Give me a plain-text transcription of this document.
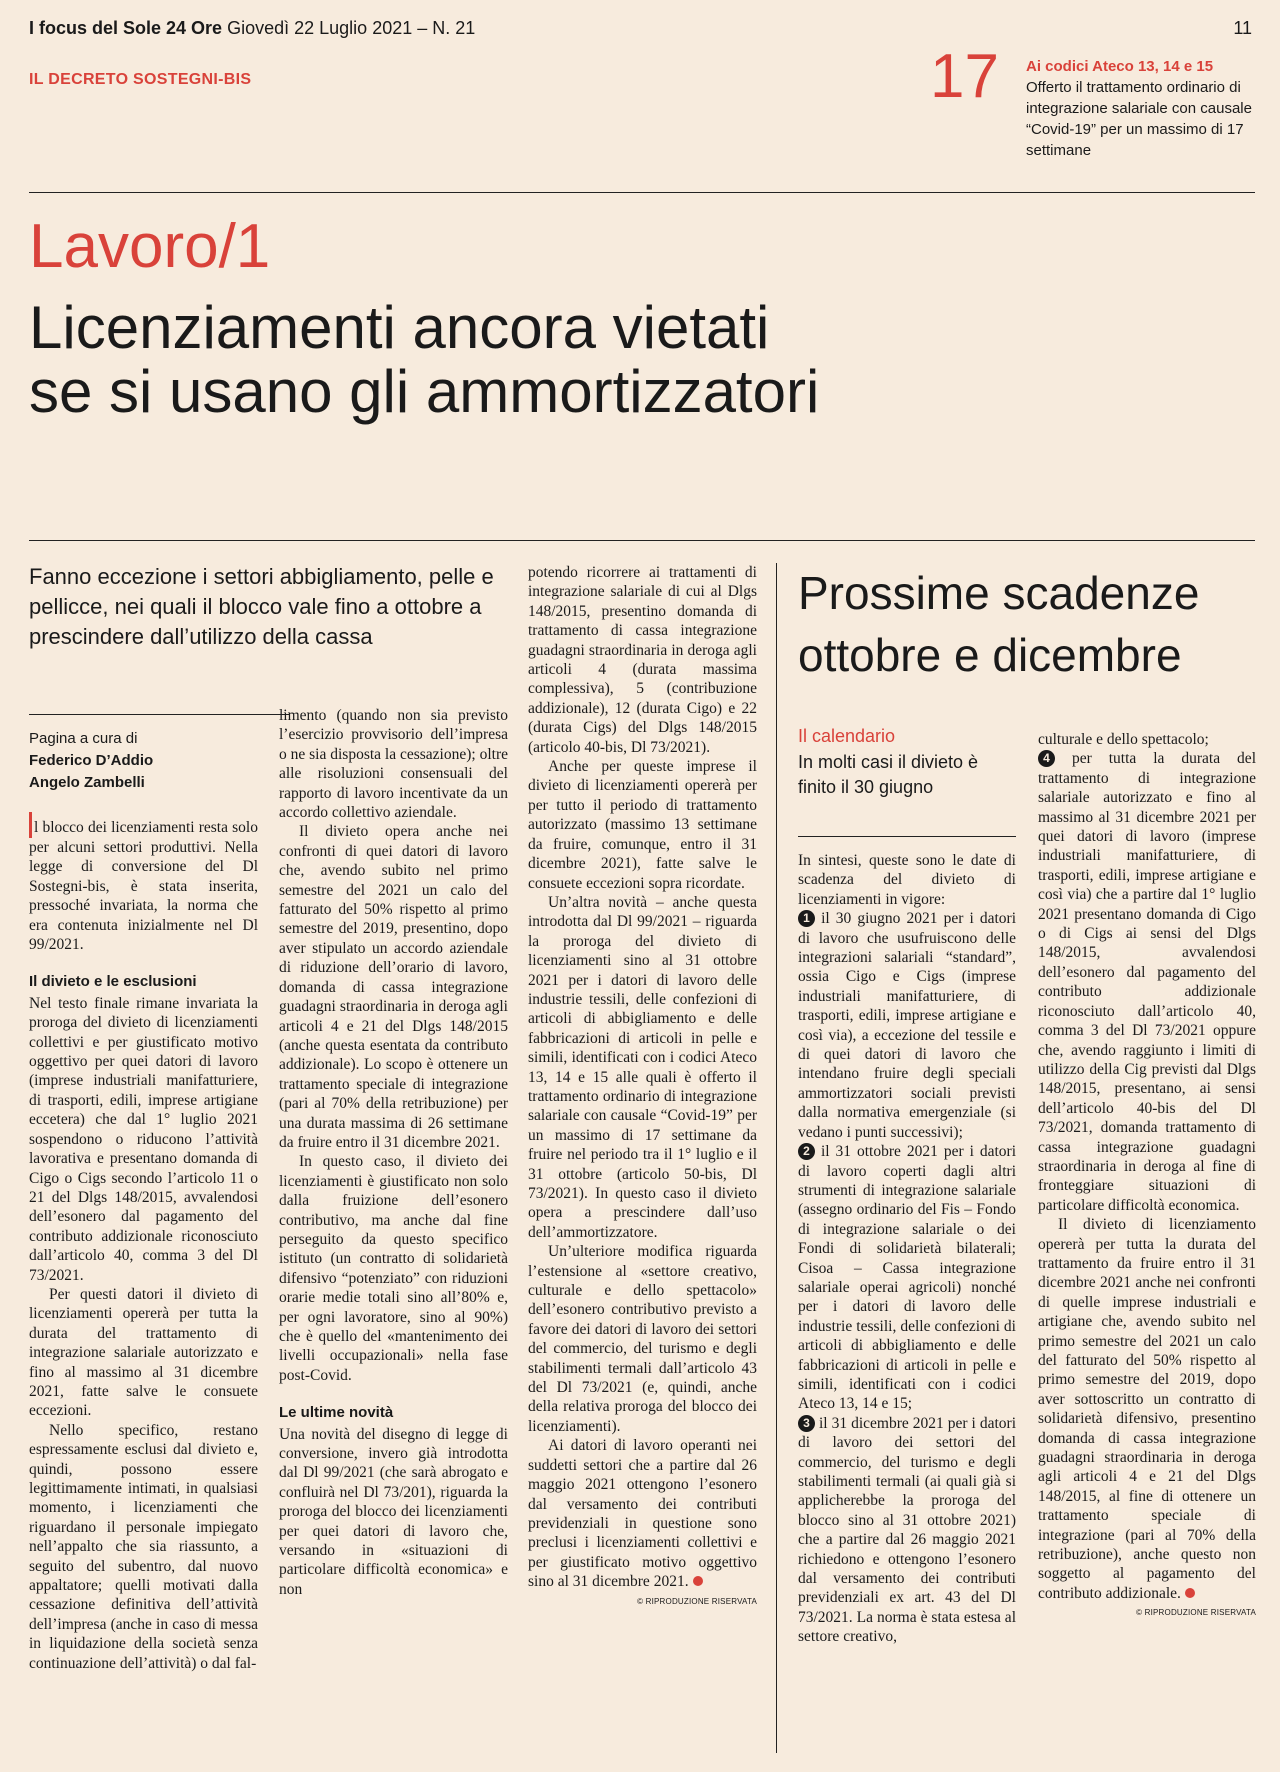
I focus del Sole 24 Ore Giovedì 22 Luglio 2021 – N. 21	11
IL DECRETO SOSTEGNI-BIS	17 Ai codici Ateco 13, 14 e 15
Offerto il trattamento ordinario di integrazione salariale con causale “Covid-19” per un massimo di 17 settimane
Lavoro/1
Licenziamenti ancora vietati
se si usano gli ammortizzatori
Fanno eccezione i settori abbigliamento, pelle e pellicce, nei quali il blocco vale fino a ottobre a prescindere dall’utilizzo della cassa
Pagina a cura di
Federico D’Addio
Angelo Zambelli

l blocco dei licenziamenti resta solo per alcuni settori produttivi. Nella legge di conversione del Dl Sostegni-bis, è stata inserita, pressoché invariata, la norma che era contenuta inizialmente nel Dl 99/2021.

Il divieto e le esclusioni

Nel testo finale rimane invariata la proroga del divieto di licenziamenti collettivi e per giustificato motivo oggettivo per quei datori di lavoro (imprese industriali manifatturiere, di trasporti, edili, imprese artigiane eccetera) che dal 1° luglio 2021 sospendono o riducono l’attività lavorativa e presentano domanda di Cigo o Cigs secondo l’articolo 11 o 21 del Dlgs 148/2015, avvalendosi dell’esonero dal pagamento del contributo addizionale riconosciuto dall’articolo 40, comma 3 del Dl 73/2021.

Per questi datori il divieto di licenziamenti opererà per tutta la durata del trattamento di integrazione salariale autorizzato e fino al massimo al 31 dicembre 2021, fatte salve le consuete eccezioni.

Nello specifico, restano espressamente esclusi dal divieto e, quindi, possono essere legittimamente intimati, in qualsiasi momento, i licenziamenti che riguardano il personale impiegato nell’appalto che sia riassunto, a seguito del subentro, dal nuovo appaltatore; quelli motivati dalla cessazione definitiva dell’attività dell’impresa (anche in caso di messa in liquidazione della società senza continuazione dell’attività) o dal fal-

limento (quando non sia previsto l’esercizio provvisorio dell’impresa o ne sia disposta la cessazione); oltre alle risoluzioni consensuali del rapporto di lavoro incentivate da un accordo collettivo aziendale.

Il divieto opera anche nei confronti di quei datori di lavoro che, avendo subito nel primo semestre del 2021 un calo del fatturato del 50% rispetto al primo semestre del 2019, presentino, dopo aver stipulato un accordo aziendale di riduzione dell’orario di lavoro, domanda di cassa integrazione guadagni straordinaria in deroga agli articoli 4 e 21 del Dlgs 148/2015 (anche questa esentata da contributo addizionale). Lo scopo è ottenere un trattamento speciale di integrazione (pari al 70% della retribuzione) per una durata massima di 26 settimane da fruire entro il 31 dicembre 2021.

In questo caso, il divieto dei licenziamenti è giustificato non solo dalla fruizione dell’esonero contributivo, ma anche dal fine perseguito da questo specifico istituto (un contratto di solidarietà difensivo “potenziato” con riduzioni orarie medie totali sino all’80% e, per ogni lavoratore, sino al 90%) che è quello del «mantenimento dei livelli occupazionali» nella fase post-Covid.

Le ultime novità

Una novità del disegno di legge di conversione, invero già introdotta dal Dl 99/2021 (che sarà abrogato e confluirà nel Dl 73/201), riguarda la proroga del blocco dei licenziamenti per quei datori di lavoro che, versando in «situazioni di particolare difficoltà economica» e non

potendo ricorrere ai trattamenti di integrazione salariale di cui al Dlgs 148/2015, presentino domanda di trattamento di cassa integrazione guadagni straordinaria in deroga agli articoli 4 (durata massima complessiva), 5 (contribuzione addizionale), 12 (durata Cigo) e 22 (durata Cigs) del Dlgs 148/2015 (articolo 40-bis, Dl 73/2021).

Anche per queste imprese il divieto di licenziamenti opererà per per tutto il periodo di trattamento autorizzato (massimo 13 settimane da fruire, comunque, entro il 31 dicembre 2021), fatte salve le consuete eccezioni sopra ricordate.

Un’altra novità – anche questa introdotta dal Dl 99/2021 – riguarda la proroga del divieto di licenziamenti sino al 31 ottobre 2021 per i datori di lavoro delle industrie tessili, delle confezioni di articoli di abbigliamento e delle fabbricazioni di articoli in pelle e simili, identificati con i codici Ateco 13, 14 e 15 alle quali è offerto il trattamento ordinario di integrazione salariale con causale “Covid-19” per un massimo di 17 settimane da fruire nel periodo tra il 1° luglio e il 31 ottobre (articolo 50-bis, Dl 73/2021). In questo caso il divieto opera a prescindere dall’uso dell’ammortizzatore.

Un’ulteriore modifica riguarda l’estensione al «settore creativo, culturale e dello spettacolo» dell’esonero contributivo previsto a favore dei datori di lavoro dei settori del commercio, del turismo e degli stabilimenti termali dall’articolo 43 del Dl 73/2021 (e, quindi, anche della relativa proroga del blocco dei licenziamenti).

Ai datori di lavoro operanti nei suddetti settori che a partire dal 26 maggio 2021 ottengono l’esonero dal versamento dei contributi previdenziali in questione sono preclusi i licenziamenti collettivi e per giustificato motivo oggettivo sino al 31 dicembre 2021.

© RIPRODUZIONE RISERVATA

Prossime scadenze
ottobre e dicembre
Il calendario
In molti casi il divieto è finito il 30 giugno

In sintesi, queste sono le date di scadenza del divieto di licenziamenti in vigore:

1 il 30 giugno 2021 per i datori di lavoro che usufruiscono delle integrazioni salariali “standard”, ossia Cigo e Cigs (imprese industriali manifatturiere, di trasporti, edili, imprese artigiane e così via), a eccezione del tessile e di quei datori di lavoro che intendano fruire degli speciali ammortizzatori sociali previsti dalla normativa emergenziale (si vedano i punti successivi);

2 il 31 ottobre 2021 per i datori di lavoro coperti dagli altri strumenti di integrazione salariale (assegno ordinario del Fis – Fondo di integrazione salariale o dei Fondi di solidarietà bilaterali; Cisoa – Cassa integrazione salariale operai agricoli) nonché per i datori di lavoro delle industrie tessili, delle confezioni di articoli di abbigliamento e delle fabbricazioni di articoli in pelle e simili, identificati con i codici Ateco 13, 14 e 15;

3 il 31 dicembre 2021 per i datori di lavoro dei settori del commercio, del turismo e degli stabilimenti termali (ai quali già si applicherebbe la proroga del blocco sino al 31 ottobre 2021) che a partire dal 26 maggio 2021 richiedono e ottengono l’esonero dal versamento dei contributi previdenziali ex art. 43 del Dl 73/2021. La norma è stata estesa al settore creativo,

culturale e dello spettacolo;

4 per tutta la durata del trattamento di integrazione salariale autorizzato e fino al massimo al 31 dicembre 2021 per quei datori di lavoro (imprese industriali manifatturiere, di trasporti, edili, imprese artigiane e così via) che a partire dal 1° luglio 2021 presentano domanda di Cigo o di Cigs ai sensi del Dlgs 148/2015, avvalendosi dell’esonero dal pagamento del contributo addizionale riconosciuto dall’articolo 40, comma 3 del Dl 73/2021 oppure che, avendo raggiunto i limiti di utilizzo della Cig previsti dal Dlgs 148/2015, presentano, ai sensi dell’articolo 40-bis del Dl 73/2021, domanda trattamento di cassa integrazione guadagni straordinaria in deroga al fine di fronteggiare situazioni di particolare difficoltà economica.

Il divieto di licenziamento opererà per tutta la durata del trattamento da fruire entro il 31 dicembre 2021 anche nei confronti di quelle imprese industriali e artigiane che, avendo subito nel primo semestre del 2021 un calo del fatturato del 50% rispetto al primo semestre del 2019, dopo aver sottoscritto un contratto di solidarietà difensivo, presentino domanda di cassa integrazione guadagni straordinaria in deroga agli articoli 4 e 21 del Dlgs 148/2015, al fine di ottenere un trattamento speciale di integrazione (pari al 70% della retribuzione), anche questo non soggetto al pagamento del contributo addizionale.

© RIPRODUZIONE RISERVATA
